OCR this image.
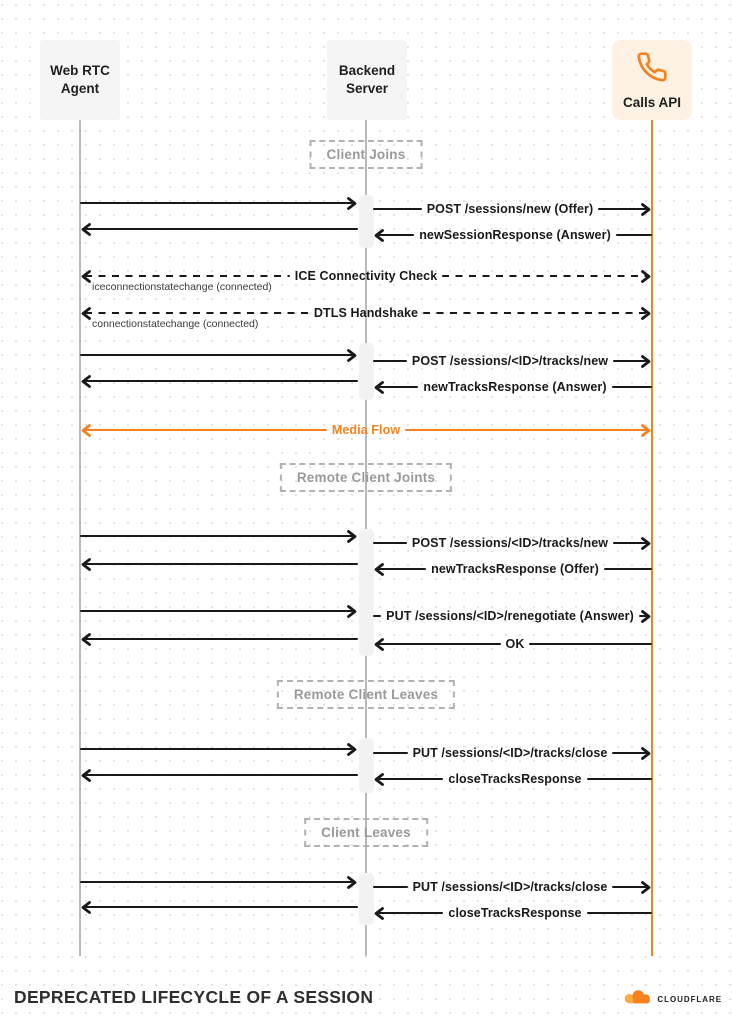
Web RTC Agent
Backend Server
Calls API
POST /sessions/new (Offer)
newSessionResponse (Answer)
ICE Connectivity Check
iceconnectionstatechange (connected)
DTLS Handshake
connectionstatechange (connected)
POST /sessions/<ID>/tracks/new
newTracksResponse (Answer)
Media Flow
POST /sessions/<ID>/tracks/new
newTracksResponse (Offer)
PUT /sessions/<ID>/renegotiate (Answer)
OK
PUT /sessions/<ID>/tracks/close
closeTracksResponse
PUT /sessions/<ID>/tracks/close
closeTracksResponse
Client Joins
Remote Client Joints
Remote Client Leaves
Client Leaves
DEPRECATED LIFECYCLE OF A SESSION	CLOUDFLARE
